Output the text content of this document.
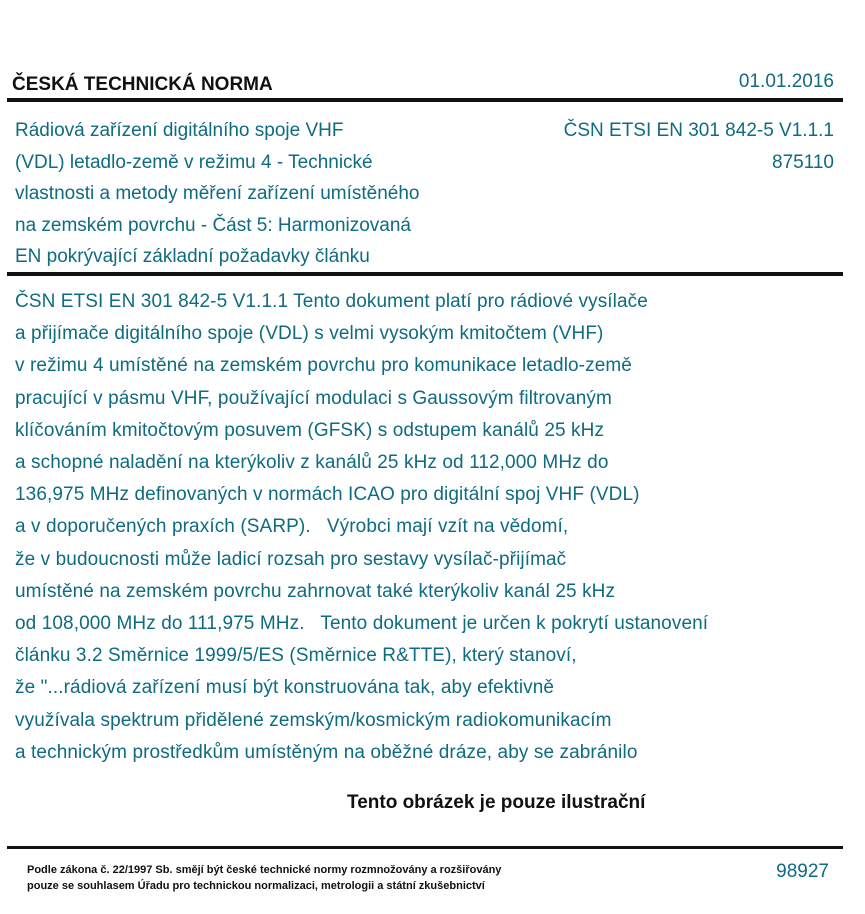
ČESKÁ TECHNICKÁ NORMA	01.01.2016
Rádiová zařízení digitálního spoje VHF
(VDL) letadlo-země v režimu 4 - Technické
vlastnosti a metody měření zařízení umístěného
na zemském povrchu - Část 5: Harmonizovaná
EN pokrývající základní požadavky článku
ČSN ETSI EN 301 842-5 V1.1.1
875110
ČSN ETSI EN 301 842-5 V1.1.1 Tento dokument platí pro rádiové vysílače
a přijímače digitálního spoje (VDL) s velmi vysokým kmitočtem (VHF)
v režimu 4 umístěné na zemském povrchu pro komunikace letadlo-země
pracující v pásmu VHF, používající modulaci s Gaussovým filtrovaným
klíčováním kmitočtovým posuvem (GFSK) s odstupem kanálů 25 kHz
a schopné naladění na kterýkoliv z kanálů 25 kHz od 112,000 MHz do
136,975 MHz definovaných v normách ICAO pro digitální spoj VHF (VDL)
a v doporučených praxích (SARP).   Výrobci mají vzít na vědomí,
že v budoucnosti může ladicí rozsah pro sestavy vysílač-přijímač
umístěné na zemském povrchu zahrnovat také kterýkoliv kanál 25 kHz
od 108,000 MHz do 111,975 MHz.   Tento dokument je určen k pokrytí ustanovení
článku 3.2 Směrnice 1999/5/ES (Směrnice R&TTE), který stanoví,
že "...rádiová zařízení musí být konstruována tak, aby efektivně
využívala spektrum přidělené zemským/kosmickým radiokomunikacím
a technickým prostředkům umístěným na oběžné dráze, aby se zabránilo
Tento obrázek je pouze ilustrační
Podle zákona č. 22/1997 Sb. smějí být české technické normy rozmnožovány a rozšiřovány
pouze se souhlasem Úřadu pro technickou normalizaci, metrologii a státní zkušebnictví
98927
